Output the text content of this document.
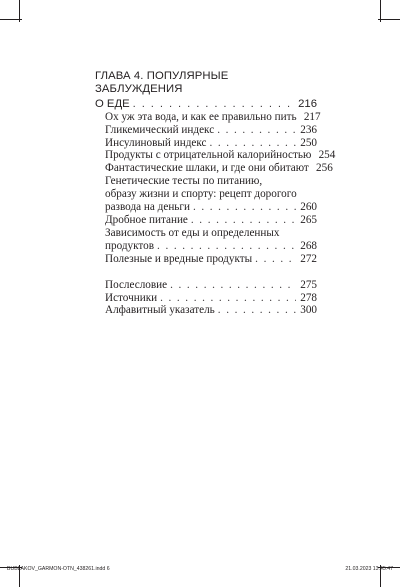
ГЛАВА 4. ПОПУЛЯРНЫЕ ЗАБЛУЖДЕНИЯ
О ЕДЕ . . .	216
Ох уж эта вода, и как ее правильно пить 217
Гликемический индекс . . .	236
Инсулиновый индекс . . .	250
Продукты с отрицательной калорийностью 254
Фантастические шлаки, и где они обитают 256
Генетические тесты по питанию,
образу жизни и спорту: рецепт дорогого
развода на деньги . . .	260
Дробное питание . . .	265
Зависимость от еды и определенных
продуктов . . .	268
Полезные и вредные продукты . . .	272
Послесловие . . .	275
Источники . . .	278
Алфавитный указатель . . .	300
BUBLAKOV_GARMON-OTN_438261.indd 6	21.03.2023 13:45:47
